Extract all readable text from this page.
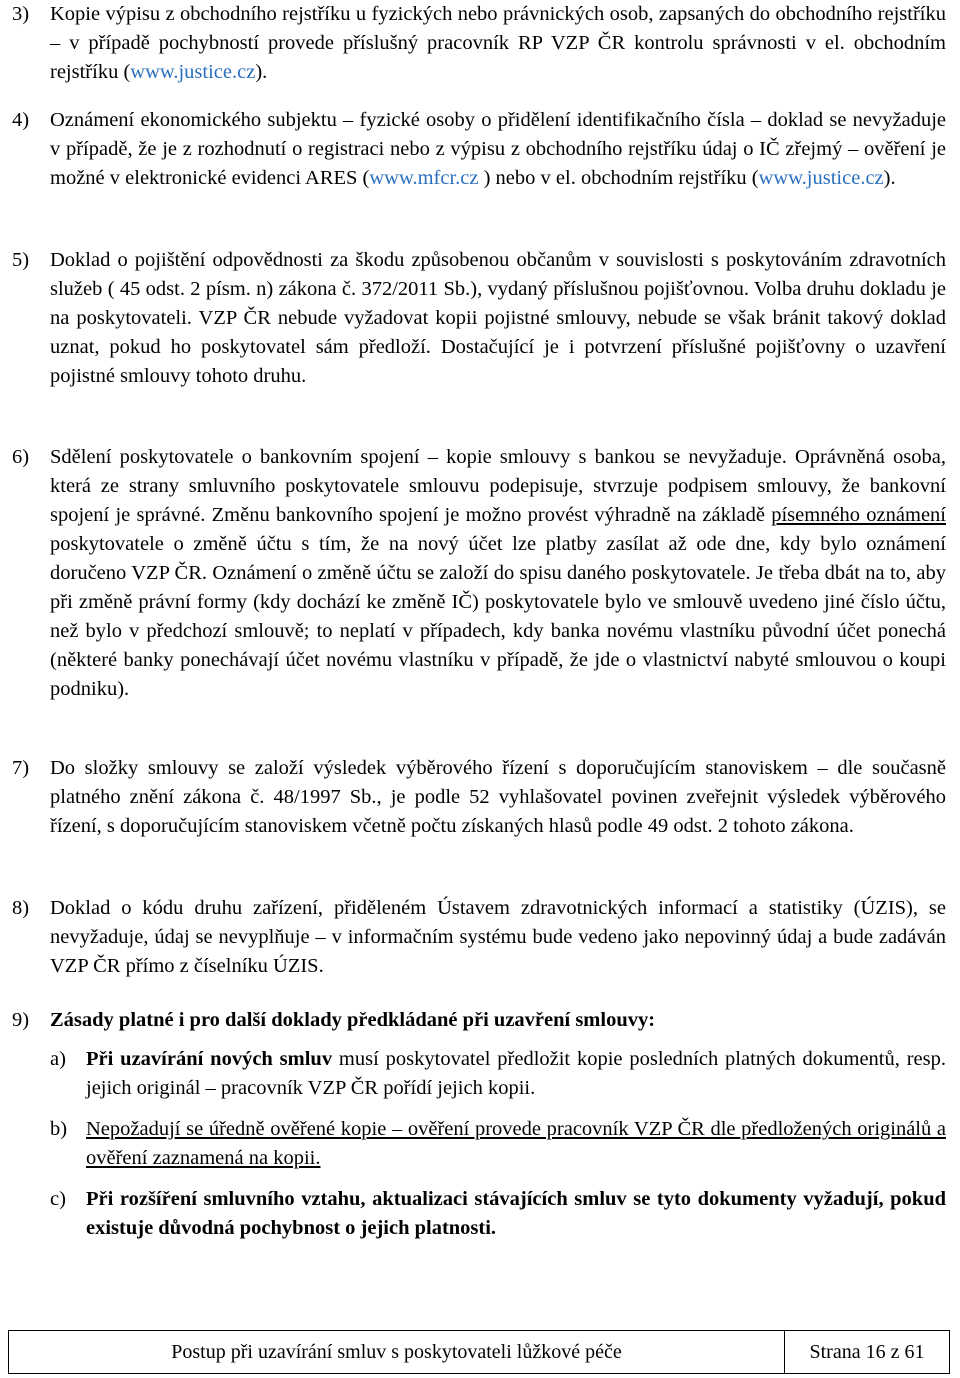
3)	Kopie výpisu z obchodního rejstříku u fyzických nebo právnických osob, zapsaných do obchodního rejstříku – v případě pochybností provede příslušný pracovník RP VZP ČR kontrolu správnosti v el. obchodním rejstříku (www.justice.cz).
4)	Oznámení ekonomického subjektu – fyzické osoby o přidělení identifikačního čísla – doklad se nevyžaduje v případě, že je z rozhodnutí o registraci nebo z výpisu z obchodního rejstříku údaj o IČ zřejmý – ověření je možné v elektronické evidenci ARES (www.mfcr.cz ) nebo v el. obchodním rejstříku (www.justice.cz).
5)	Doklad o pojištění odpovědnosti za škodu způsobenou občanům v souvislosti s poskytováním zdravotních služeb ( 45 odst. 2 písm. n) zákona č. 372/2011 Sb.), vydaný příslušnou pojišťovnou. Volba druhu dokladu je na poskytovateli. VZP ČR nebude vyžadovat kopii pojistné smlouvy, nebude se však bránit takový doklad uznat, pokud ho poskytovatel sám předloží. Dostačující je i potvrzení příslušné pojišťovny o uzavření pojistné smlouvy tohoto druhu.
6)	Sdělení poskytovatele o bankovním spojení – kopie smlouvy s bankou se nevyžaduje. Oprávněná osoba, která ze strany smluvního poskytovatele smlouvu podepisuje, stvrzuje podpisem smlouvy, že bankovní spojení je správné. Změnu bankovního spojení je možno provést výhradně na základě písemného oznámení poskytovatele o změně účtu s tím, že na nový účet lze platby zasílat až ode dne, kdy bylo oznámení doručeno VZP ČR. Oznámení o změně účtu se založí do spisu daného poskytovatele. Je třeba dbát na to, aby při změně právní formy (kdy dochází ke změně IČ) poskytovatele bylo ve smlouvě uvedeno jiné číslo účtu, než bylo v předchozí smlouvě; to neplatí v případech, kdy banka novému vlastníku původní účet ponechá (některé banky ponechávají účet novému vlastníku v případě, že jde o vlastnictví nabyté smlouvou o koupi podniku).
7)	Do složky smlouvy se založí výsledek výběrového řízení s doporučujícím stanoviskem – dle současně platného znění zákona č. 48/1997 Sb., je podle 52 vyhlašovatel povinen zveřejnit výsledek výběrového řízení, s doporučujícím stanoviskem včetně počtu získaných hlasů podle 49 odst. 2 tohoto zákona.
8)	Doklad o kódu druhu zařízení, přiděleném Ústavem zdravotnických informací a statistiky (ÚZIS), se nevyžaduje, údaj se nevyplňuje – v informačním systému bude vedeno jako nepovinný údaj a bude zadáván VZP ČR přímo z číselníku ÚZIS.
9)	Zásady platné i pro další doklady předkládané při uzavření smlouvy:
a) Při uzavírání nových smluv musí poskytovatel předložit kopie posledních platných dokumentů, resp. jejich originál – pracovník VZP ČR pořídí jejich kopii.
b) Nepožadují se úředně ověřené kopie – ověření provede pracovník VZP ČR dle předložených originálů a ověření zaznamená na kopii.
c) Při rozšíření smluvního vztahu, aktualizaci stávajících smluv se tyto dokumenty vyžadují, pokud existuje důvodná pochybnost o jejich platnosti.
Postup při uzavírání smluv s poskytovateli lůžkové péče	Strana 16 z 61
